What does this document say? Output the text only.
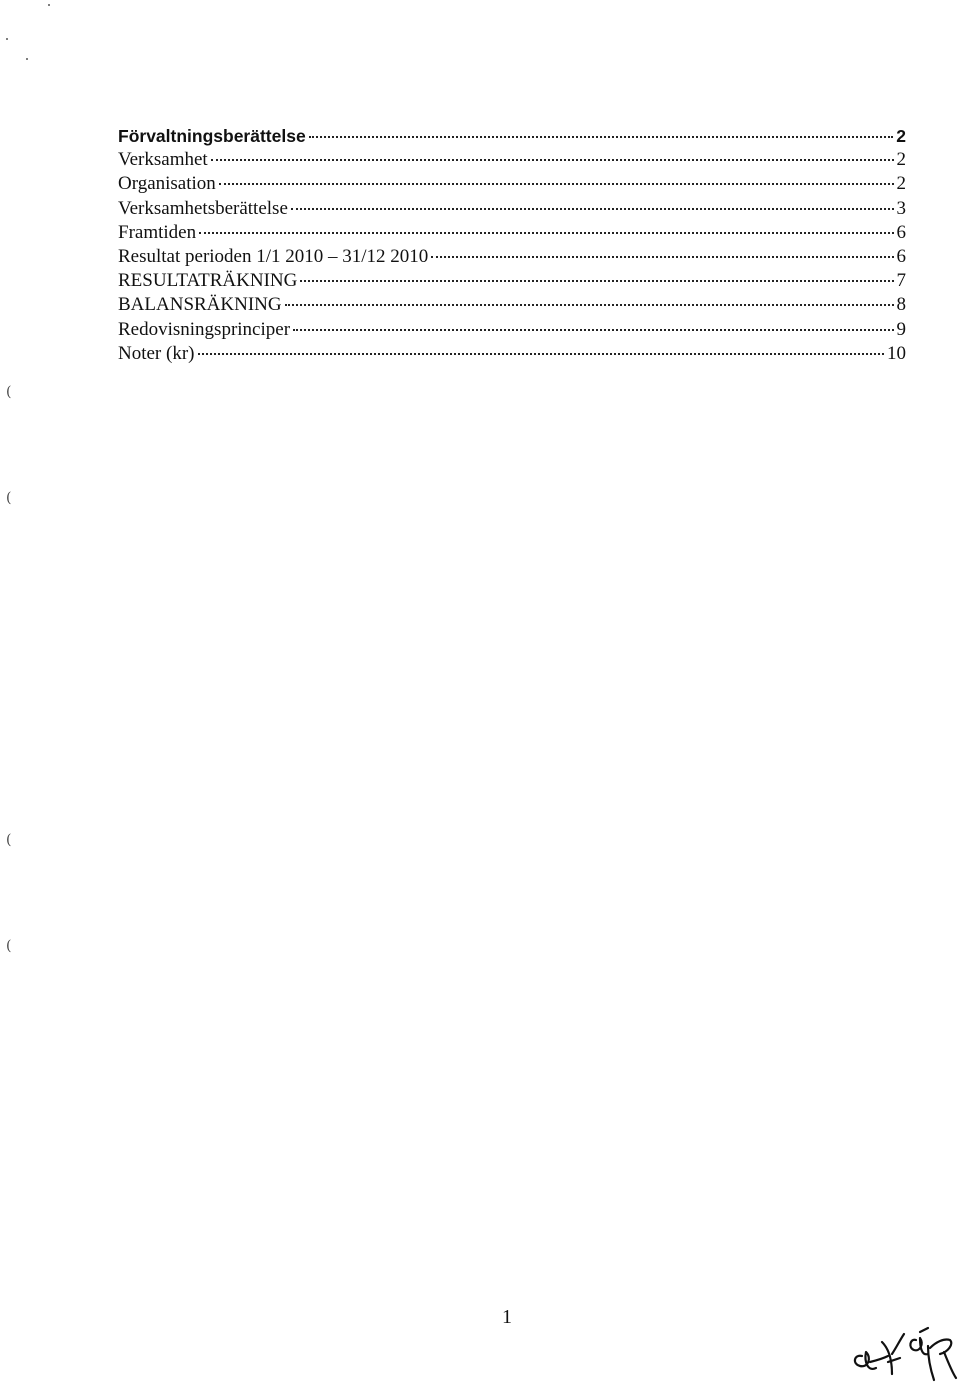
(
(
(
(
Förvaltningsberättelse	2
Verksamhet	2
Organisation	2
Verksamhetsberättelse	3
Framtiden	6
Resultat perioden 1/1 2010 – 31/12 2010	6
RESULTATRÄKNING	7
BALANSRÄKNING	8
Redovisningsprinciper	9
Noter (kr)	10
1
